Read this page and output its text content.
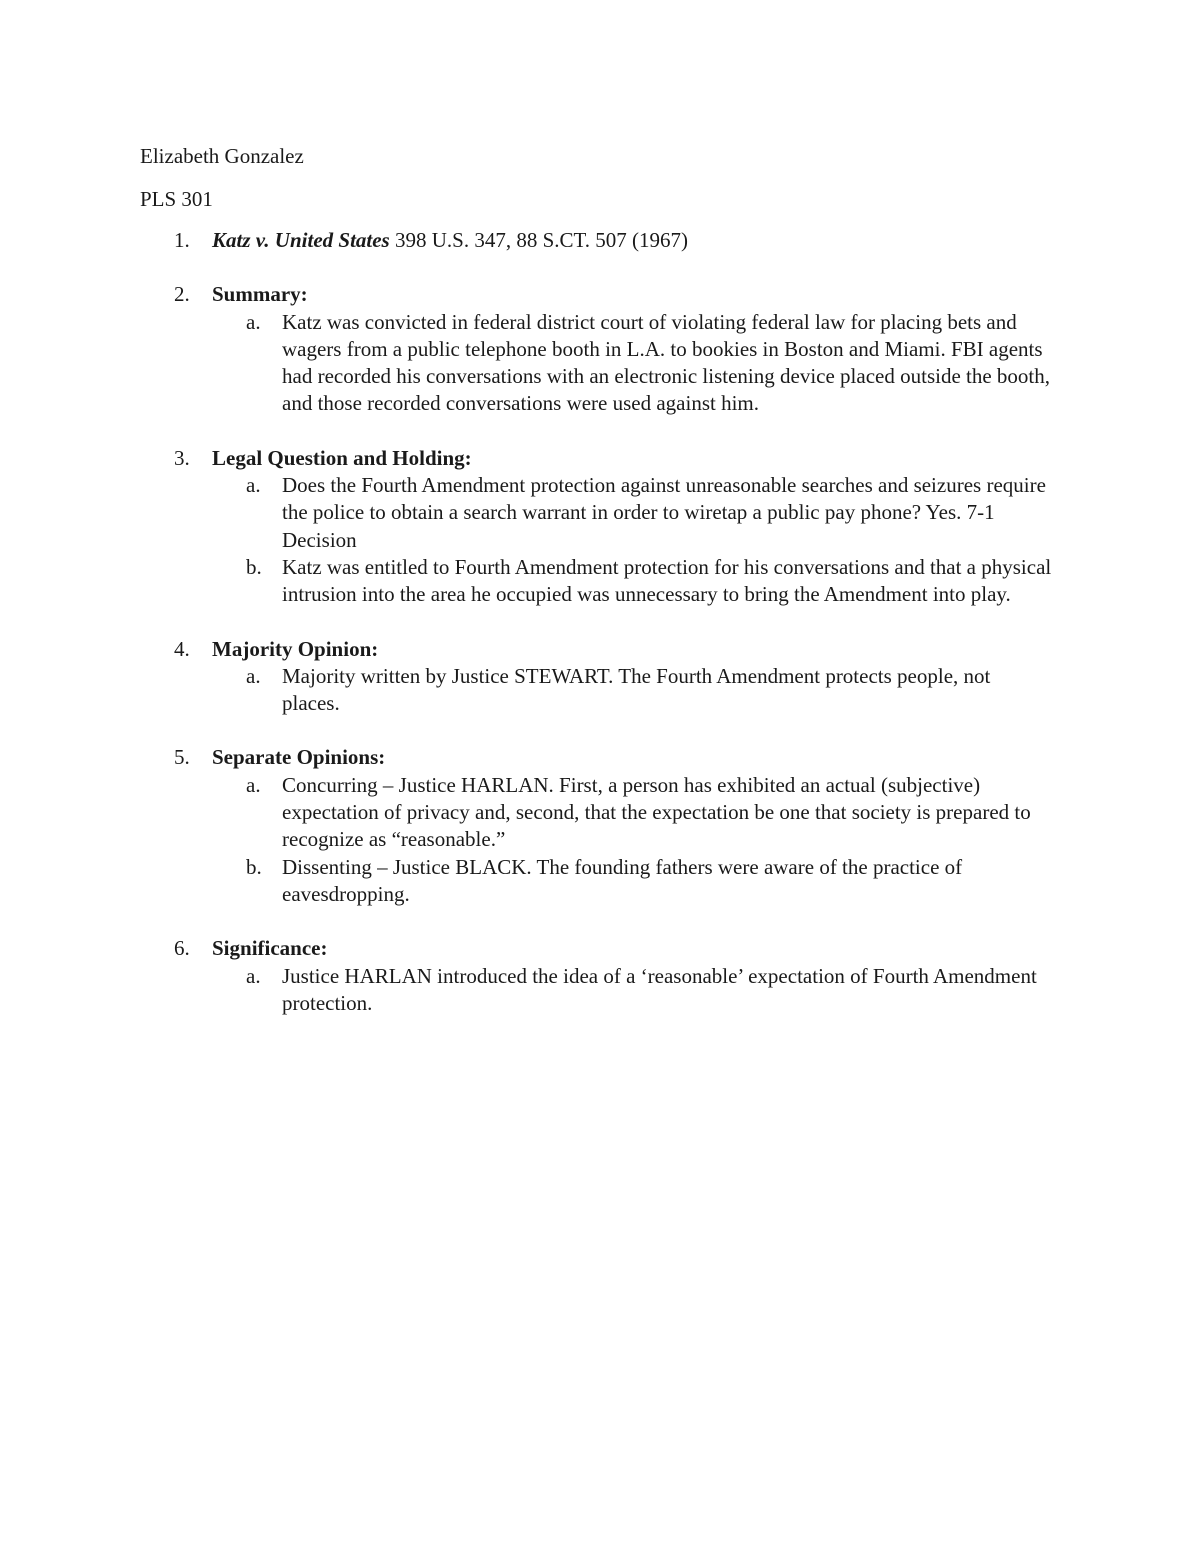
Elizabeth Gonzalez
PLS 301
1. Katz v. United States 398 U.S. 347, 88 S.CT. 507 (1967)
2. Summary:
a. Katz was convicted in federal district court of violating federal law for placing bets and wagers from a public telephone booth in L.A. to bookies in Boston and Miami. FBI agents had recorded his conversations with an electronic listening device placed outside the booth, and those recorded conversations were used against him.
3. Legal Question and Holding:
a. Does the Fourth Amendment protection against unreasonable searches and seizures require the police to obtain a search warrant in order to wiretap a public pay phone? Yes. 7-1 Decision
b. Katz was entitled to Fourth Amendment protection for his conversations and that a physical intrusion into the area he occupied was unnecessary to bring the Amendment into play.
4. Majority Opinion:
a. Majority written by Justice STEWART. The Fourth Amendment protects people, not places.
5. Separate Opinions:
a. Concurring – Justice HARLAN. First, a person has exhibited an actual (subjective) expectation of privacy and, second, that the expectation be one that society is prepared to recognize as “reasonable.”
b. Dissenting – Justice BLACK. The founding fathers were aware of the practice of eavesdropping.
6. Significance:
a. Justice HARLAN introduced the idea of a ‘reasonable’ expectation of Fourth Amendment protection.
